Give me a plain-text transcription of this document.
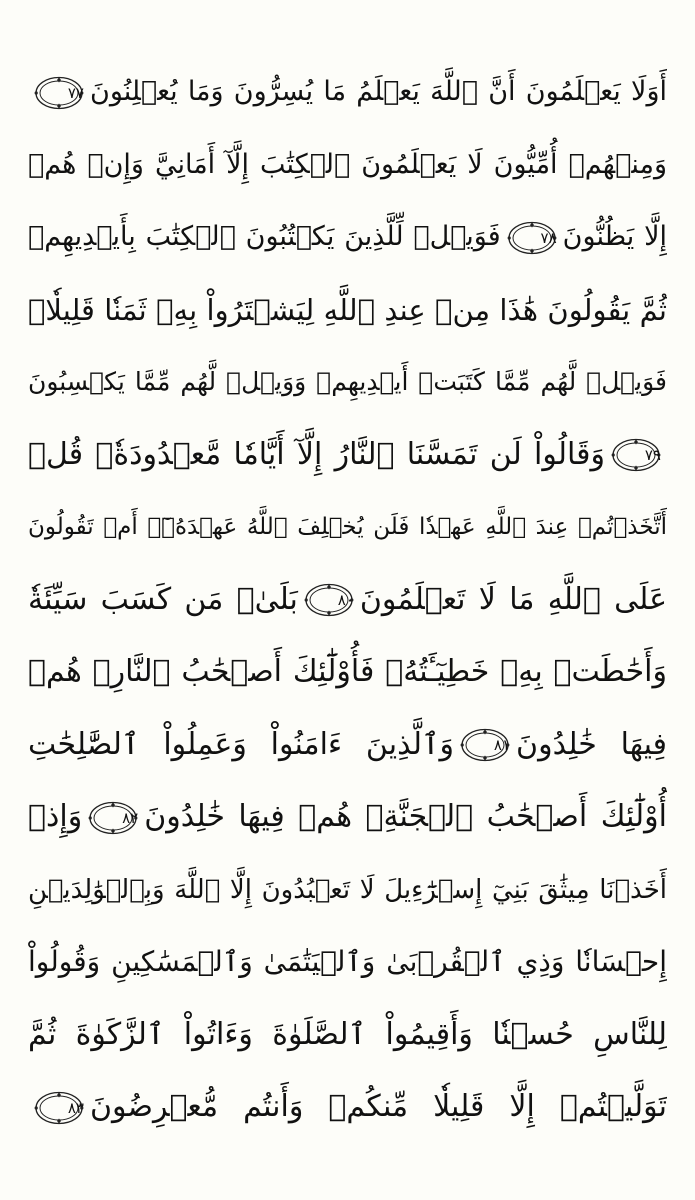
أَوَلَا يَعۡلَمُونَ أَنَّ ٱللَّهَ يَعۡلَمُ مَا يُسِرُّونَ وَمَا يُعۡلِنُونَ
٧٧
وَمِنۡهُمۡ أُمِّيُّونَ لَا يَعۡلَمُونَ ٱلۡكِتَٰبَ إِلَّآ أَمَانِيَّ وَإِنۡ هُمۡ
إِلَّا يَظُنُّونَ
٧٨
فَوَيۡلٞ لِّلَّذِينَ يَكۡتُبُونَ ٱلۡكِتَٰبَ بِأَيۡدِيهِمۡ
ثُمَّ يَقُولُونَ هَٰذَا مِنۡ عِندِ ٱللَّهِ لِيَشۡتَرُواْ بِهِۦ ثَمَنٗا قَلِيلٗاۖ
فَوَيۡلٞ لَّهُم مِّمَّا كَتَبَتۡ أَيۡدِيهِمۡ وَوَيۡلٞ لَّهُم مِّمَّا يَكۡسِبُونَ
٧٩
وَقَالُواْ لَن تَمَسَّنَا ٱلنَّارُ إِلَّآ أَيَّامٗا مَّعۡدُودَةٗۚ قُلۡ
أَتَّخَذۡتُمۡ عِندَ ٱللَّهِ عَهۡدٗا فَلَن يُخۡلِفَ ٱللَّهُ عَهۡدَهُۥٓۖ أَمۡ تَقُولُونَ
عَلَى ٱللَّهِ مَا لَا تَعۡلَمُونَ
٨٠
بَلَىٰۚ مَن كَسَبَ سَيِّئَةٗ
وَأَحَٰطَتۡ بِهِۦ خَطِيٓـَٔتُهُۥ فَأُوْلَٰٓئِكَ أَصۡحَٰبُ ٱلنَّارِۖ هُمۡ
فِيهَا خَٰلِدُونَ
٨١
وَٱلَّذِينَ ءَامَنُواْ وَعَمِلُواْ ٱلصَّٰلِحَٰتِ
أُوْلَٰٓئِكَ أَصۡحَٰبُ ٱلۡجَنَّةِۖ هُمۡ فِيهَا خَٰلِدُونَ
٨٢
وَإِذۡ
أَخَذۡنَا مِيثَٰقَ بَنِيٓ إِسۡرَٰٓءِيلَ لَا تَعۡبُدُونَ إِلَّا ٱللَّهَ وَبِٱلۡوَٰلِدَيۡنِ
إِحۡسَانٗا وَذِي ٱلۡقُرۡبَىٰ وَٱلۡيَتَٰمَىٰ وَٱلۡمَسَٰكِينِ وَقُولُواْ
لِلنَّاسِ حُسۡنٗا وَأَقِيمُواْ ٱلصَّلَوٰةَ وَءَاتُواْ ٱلزَّكَوٰةَ ثُمَّ
تَوَلَّيۡتُمۡ إِلَّا قَلِيلٗا مِّنكُمۡ وَأَنتُم مُّعۡرِضُونَ
٨٣
